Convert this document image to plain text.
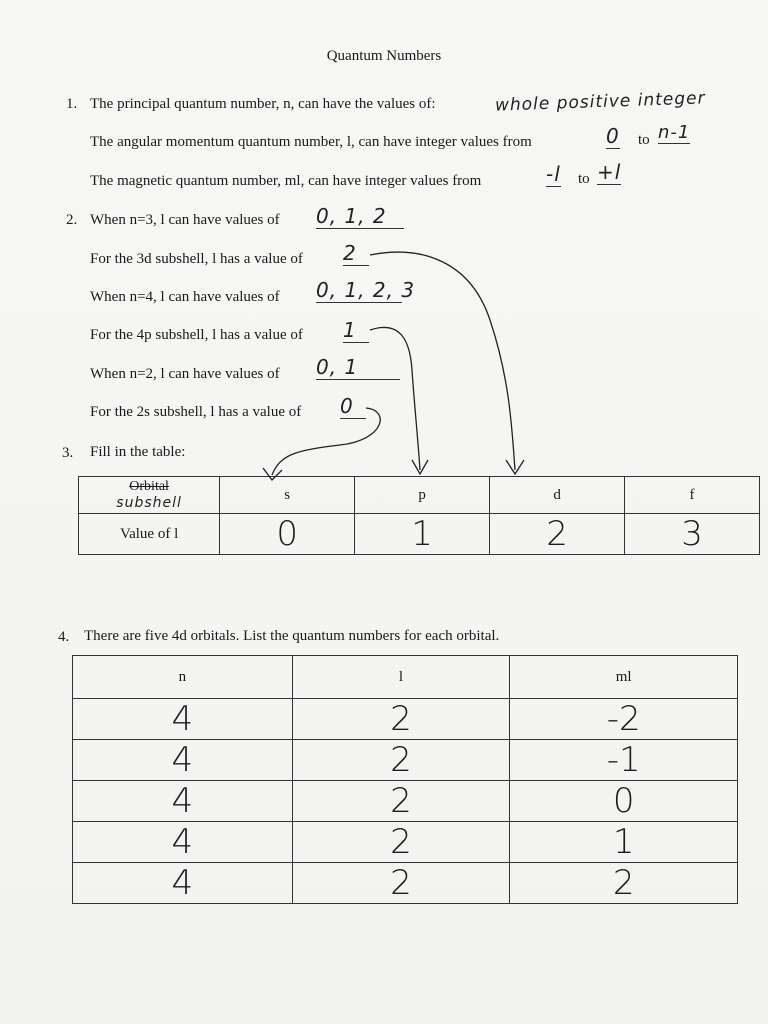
Quantum Numbers
1. The principal quantum number, n, can have the values of:	whole positive integer
The angular momentum quantum number, l, can have integer values from	0 to n-1
The magnetic quantum number, ml, can have integer values from	-l to +l
2. When n=3, l can have values of 0, 1, 2
For the 3d subshell, l has a value of 2
When n=4, l can have values of 0, 1, 2, 3
For the 4p subshell, l has a value of 1
When n=2, l can have values of 0, 1
For the 2s subshell, l has a value of 0
3. Fill in the table:
Orbital
subshell	s	p	d	f
Value of l	0	1	2	3
4. There are five 4d orbitals. List the quantum numbers for each orbital.
n	l	ml
4	2	-2
4	2	-1
4	2	0
4	2	1
4	2	2
